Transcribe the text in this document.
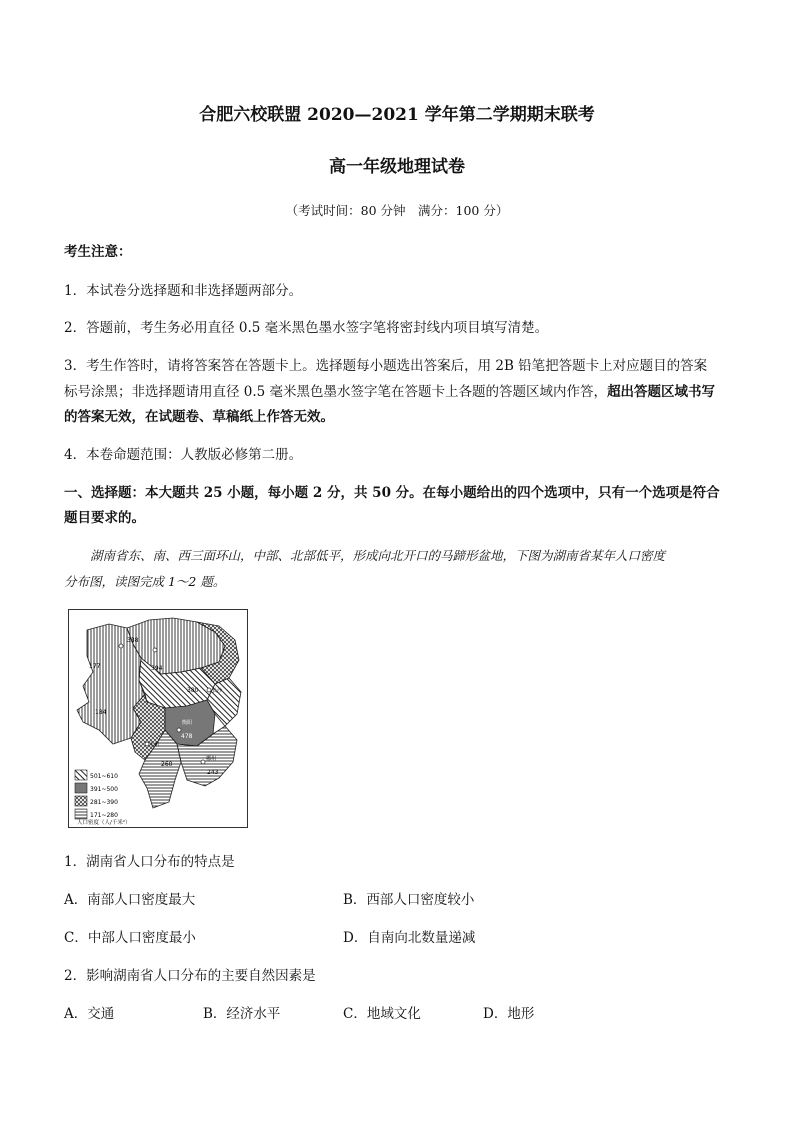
合肥六校联盟 2020—2021 学年第二学期期末联考
高一年级地理试卷
（考试时间：80 分钟　满分：100 分）
考生注意：
1．本试卷分选择题和非选择题两部分。
2．答题前，考生务必用直径 0.5 毫米黑色墨水签字笔将密封线内项目填写清楚。
3．考生作答时，请将答案答在答题卡上。选择题每小题选出答案后，用 2B 铅笔把答题卡上对应题目的答案
标号涂黑；非选择题请用直径 0.5 毫米黑色墨水签字笔在答题卡上各题的答题区域内作答，超出答题区域书写
的答案无效，在试题卷、草稿纸上作答无效。
4．本卷命题范围：人教版必修第二册。
一、选择题：本大题共 25 小题，每小题 2 分，共 50 分。在每小题给出的四个选项中，只有一个选项是符合
题目要求的。
湖南省东、南、西三面环山，中部、北部低平，形成向北开口的马蹄形盆地，下图为湖南省某年人口密度
分布图，读图完成 1～2 题。
177
338
394
380
184
478
260
243
永州
郴州
衡阳
长沙
501~610
391~500
281~390
171~280
人口密度（人/千米²）
1．湖南省人口分布的特点是
A．南部人口密度最大	B．西部人口密度较小
C．中部人口密度最小	D．自南向北数量递减
2．影响湖南省人口分布的主要自然因素是
A．交通	B．经济水平	C．地域文化	D．地形
